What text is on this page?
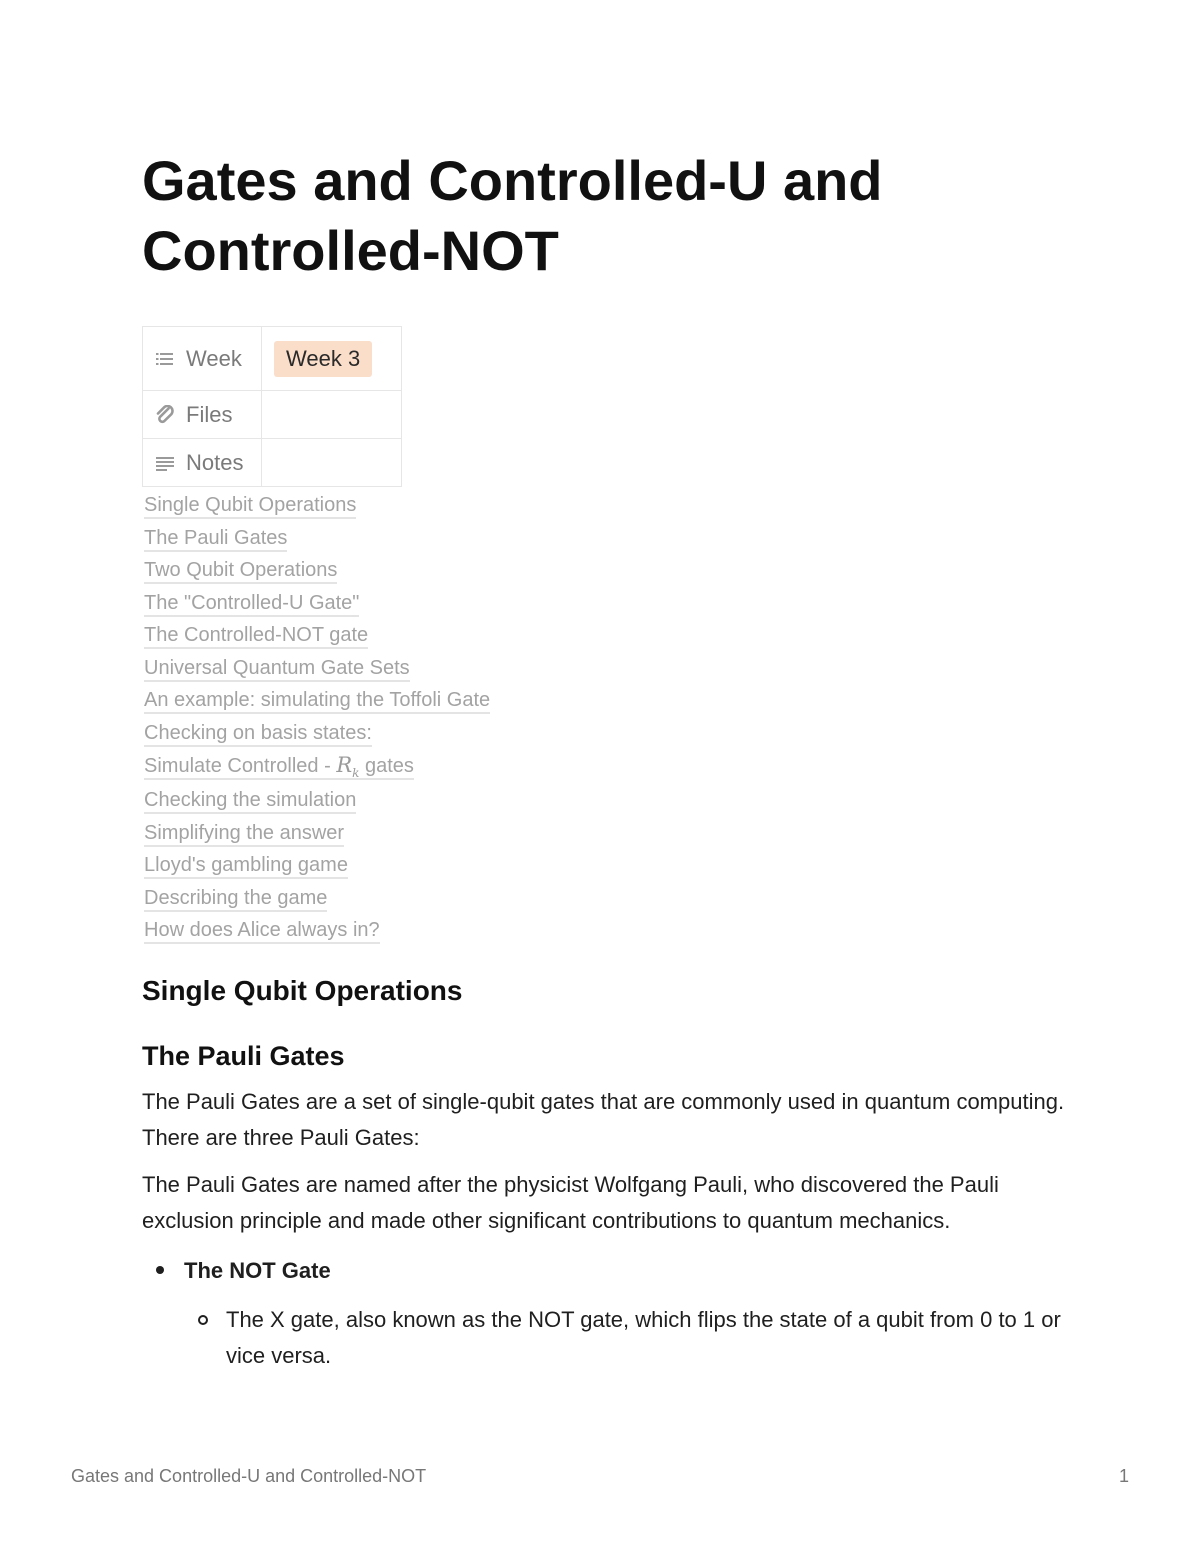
Gates and Controlled-U and Controlled-NOT
Week	Week 3

Files	

Notes	

Single Qubit Operations
The Pauli Gates
Two Qubit Operations
The "Controlled-U Gate"
The Controlled-NOT gate
Universal Quantum Gate Sets
An example: simulating the Toffoli Gate
Checking on basis states:
Simulate Controlled - $R_k$ gates
Checking the simulation
Simplifying the answer
Lloyd's gambling game
Describing the game
How does Alice always in?
Single Qubit Operations
The Pauli Gates

The Pauli Gates are a set of single-qubit gates that are commonly used in quantum computing. There are three Pauli Gates:

The Pauli Gates are named after the physicist Wolfgang Pauli, who discovered the Pauli exclusion principle and made other significant contributions to quantum mechanics.

The NOT Gate
The X gate, also known as the NOT gate, which flips the state of a qubit from 0 to 1 or vice versa.
Gates and Controlled-U and Controlled-NOT	1
